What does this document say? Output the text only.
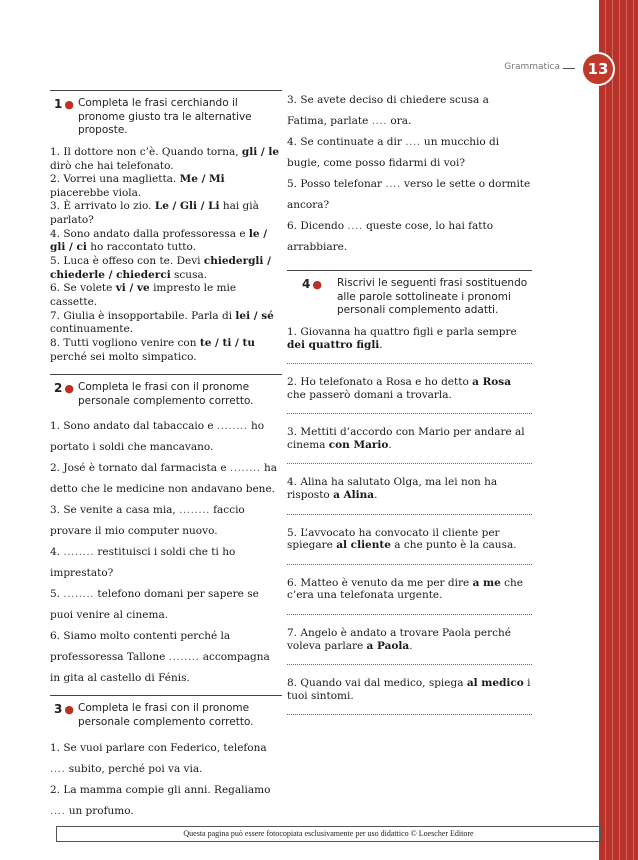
Grammatica	13
1 ● Completa le frasi cerchiando il pronome giusto tra le alternative proposte.

1. Il dottore non c’è. Quando torna, gli / le dirò che hai telefonato.

2. Vorrei una maglietta. Me / Mi piacerebbe viola.

3. È arrivato lo zio. Le / Gli / Li hai già parlato?

4. Sono andato dalla professoressa e le / gli / ci ho raccontato tutto.

5. Luca è offeso con te. Devi chiedergli / chiederle / chiederci scusa.

6. Se volete vi / ve impresto le mie cassette.

7. Giulia è insopportabile. Parla di lei / sé continuamente.

8. Tutti vogliono venire con te / ti / tu perché sei molto simpatico.

2 ● Completa le frasi con il pronome personale complemento corretto.

1. Sono andato dal tabaccaio e ........ ho portato i soldi che mancavano.

2. José è tornato dal farmacista e ........ ha detto che le medicine non andavano bene.

3. Se venite a casa mia, ........ faccio provare il mio computer nuovo.

4. ........ restituisci i soldi che ti ho imprestato?

5. ........ telefono domani per sapere se puoi venire al cinema.

6. Siamo molto contenti perché la professoressa Tallone ........ accompagna in gita al castello di Fénis.

3 ● Completa le frasi con il pronome personale complemento corretto.

1. Se vuoi parlare con Federico, telefona .... subito, perché poi va via.

2. La mamma compie gli anni. Regaliamo .... un profumo.

3. Se avete deciso di chiedere scusa a Fatima, parlate .... ora.

4. Se continuate a dir .... un mucchio di bugie, come posso fidarmi di voi?

5. Posso telefonar .... verso le sette o dormite ancora?

6. Dicendo .... queste cose, lo hai fatto arrabbiare.

4 ●	Riscrivi le seguenti frasi sostituendo alle parole sottolineate i pronomi personali complemento adatti.

1. Giovanna ha quattro figli e parla sempre dei quattro figli.

2. Ho telefonato a Rosa e ho detto a Rosa che passerò domani a trovarla.

3. Mettiti d’accordo con Mario per andare al cinema con Mario.

4. Alina ha salutato Olga, ma lei non ha risposto a Alina.

5. L’avvocato ha convocato il cliente per spiegare al cliente a che punto è la causa.

6. Matteo è venuto da me per dire a me che c’era una telefonata urgente.

7. Angelo è andato a trovare Paola perché voleva parlare a Paola.

8. Quando vai dal medico, spiega al medico i tuoi sintomi.

Questa pagina può essere fotocopiata esclusivamente per uso didattico © Loescher Editore
